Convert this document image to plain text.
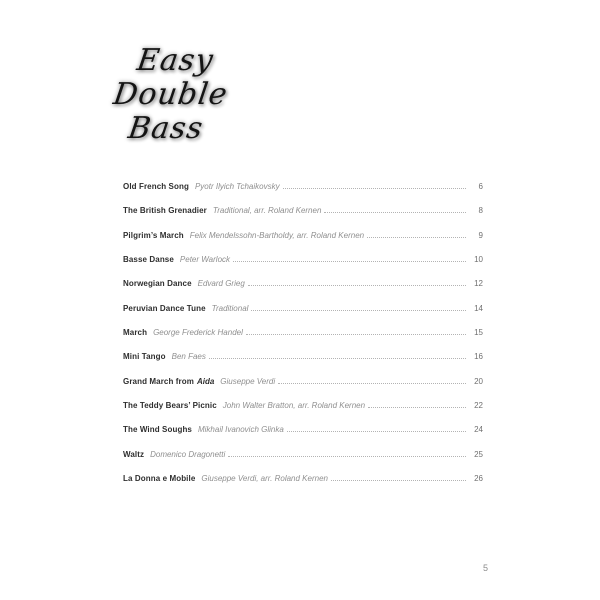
Easy
Double
Bass
Old French Song Pyotr Ilyich Tchaikovsky	6
The British Grenadier Traditional, arr. Roland Kernen	8
Pilgrim’s March Felix Mendelssohn-Bartholdy, arr. Roland Kernen	9
Basse Danse Peter Warlock	10
Norwegian Dance Edvard Grieg	12
Peruvian Dance Tune Traditional	14
March George Frederick Handel	15
Mini Tango Ben Faes	16
Grand March from Aida Giuseppe Verdi	20
The Teddy Bears’ Picnic John Walter Bratton, arr. Roland Kernen	22
The Wind Soughs Mikhail Ivanovich Glinka	24
Waltz Domenico Dragonetti	25
La Donna e Mobile Giuseppe Verdi, arr. Roland Kernen	26
5
